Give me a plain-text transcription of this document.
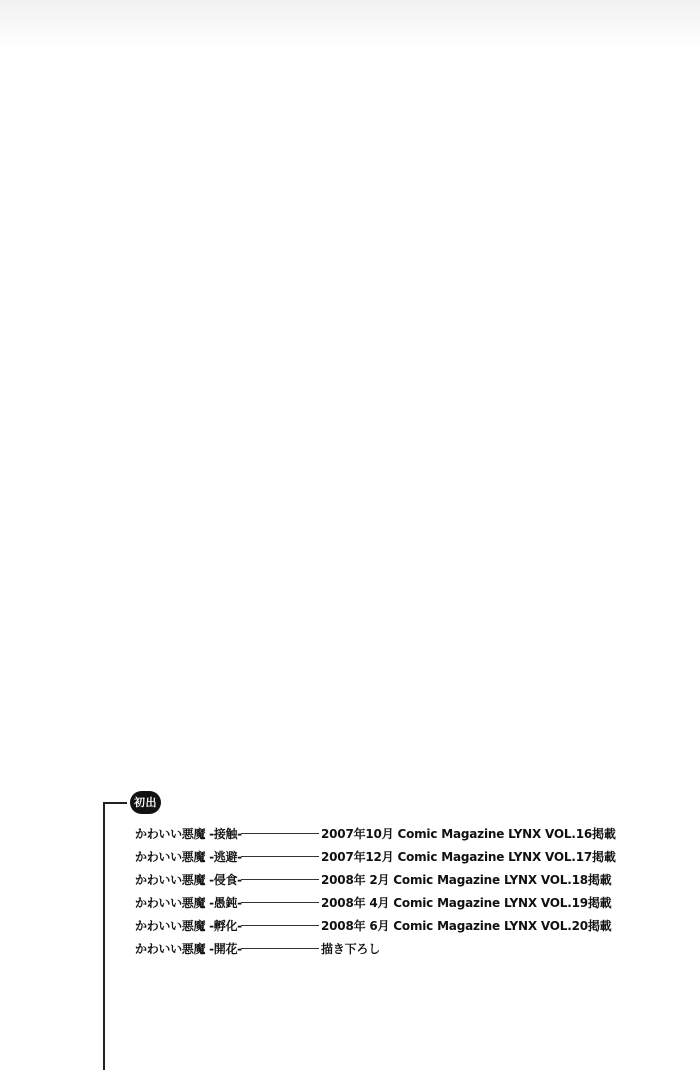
初出
かわいい悪魔 -接触-	2007年10月 Comic Magazine LYNX VOL.16掲載
かわいい悪魔 -逃避-	2007年12月 Comic Magazine LYNX VOL.17掲載
かわいい悪魔 -侵食-	2008年 2月 Comic Magazine LYNX VOL.18掲載
かわいい悪魔 -愚鈍-	2008年 4月 Comic Magazine LYNX VOL.19掲載
かわいい悪魔 -孵化-	2008年 6月 Comic Magazine LYNX VOL.20掲載
かわいい悪魔 -開花-	描き下ろし
